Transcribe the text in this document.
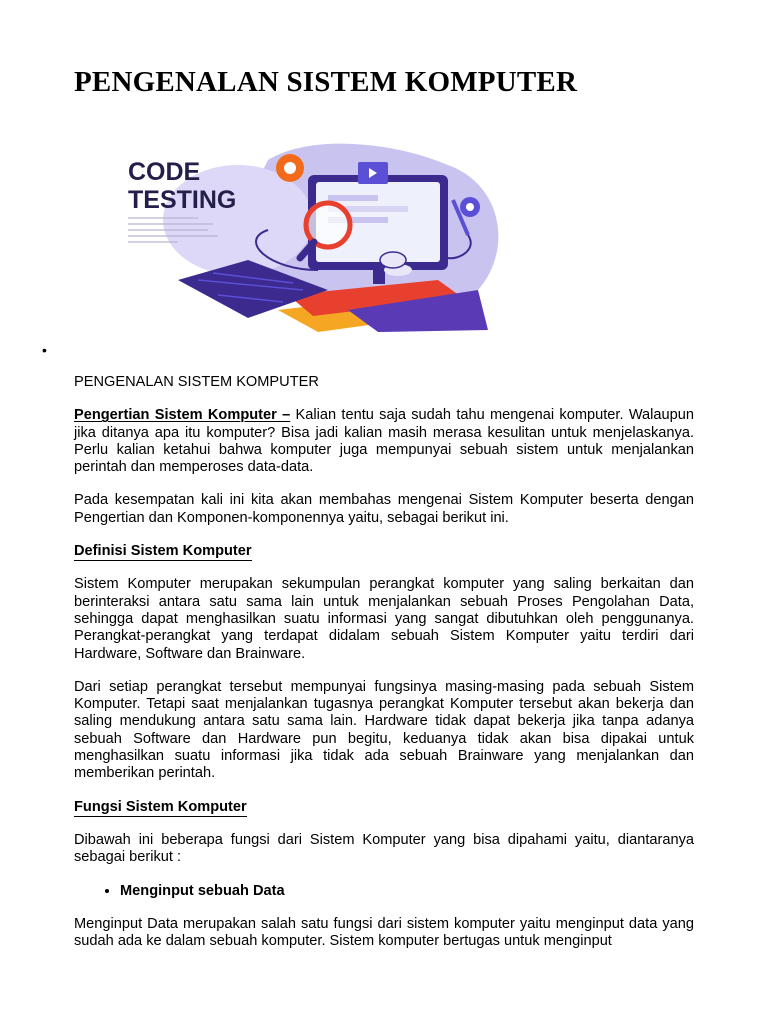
PENGENALAN SISTEM KOMPUTER
CODE
TESTING
•

PENGENALAN SISTEM KOMPUTER

Pengertian Sistem Komputer – Kalian tentu saja sudah tahu mengenai komputer. Walaupun jika ditanya apa itu komputer? Bisa jadi kalian masih merasa kesulitan untuk menjelaskanya. Perlu kalian ketahui bahwa komputer juga mempunyai sebuah sistem untuk menjalankan perintah dan memperoses data-data.

Pada kesempatan kali ini kita akan membahas mengenai Sistem Komputer beserta dengan Pengertian dan Komponen-komponennya yaitu, sebagai berikut ini.

Definisi Sistem Komputer

Sistem Komputer merupakan sekumpulan perangkat komputer yang saling berkaitan dan berinteraksi antara satu sama lain untuk menjalankan sebuah Proses Pengolahan Data, sehingga dapat menghasilkan suatu informasi yang sangat dibutuhkan oleh penggunanya. Perangkat-perangkat yang terdapat didalam sebuah Sistem Komputer yaitu terdiri dari Hardware, Software dan Brainware.

Dari setiap perangkat tersebut mempunyai fungsinya masing-masing pada sebuah Sistem Komputer. Tetapi saat menjalankan tugasnya perangkat Komputer tersebut akan bekerja dan saling mendukung antara satu sama lain. Hardware tidak dapat bekerja jika tanpa adanya sebuah Software dan Hardware pun begitu, keduanya tidak akan bisa dipakai untuk menghasilkan suatu informasi jika tidak ada sebuah Brainware yang menjalankan dan memberikan perintah.

Fungsi Sistem Komputer

Dibawah ini beberapa fungsi dari Sistem Komputer yang bisa dipahami yaitu, diantaranya sebagai berikut :

• Menginput sebuah Data

Menginput Data merupakan salah satu fungsi dari sistem komputer yaitu menginput data yang sudah ada ke dalam sebuah komputer. Sistem komputer bertugas untuk menginput
